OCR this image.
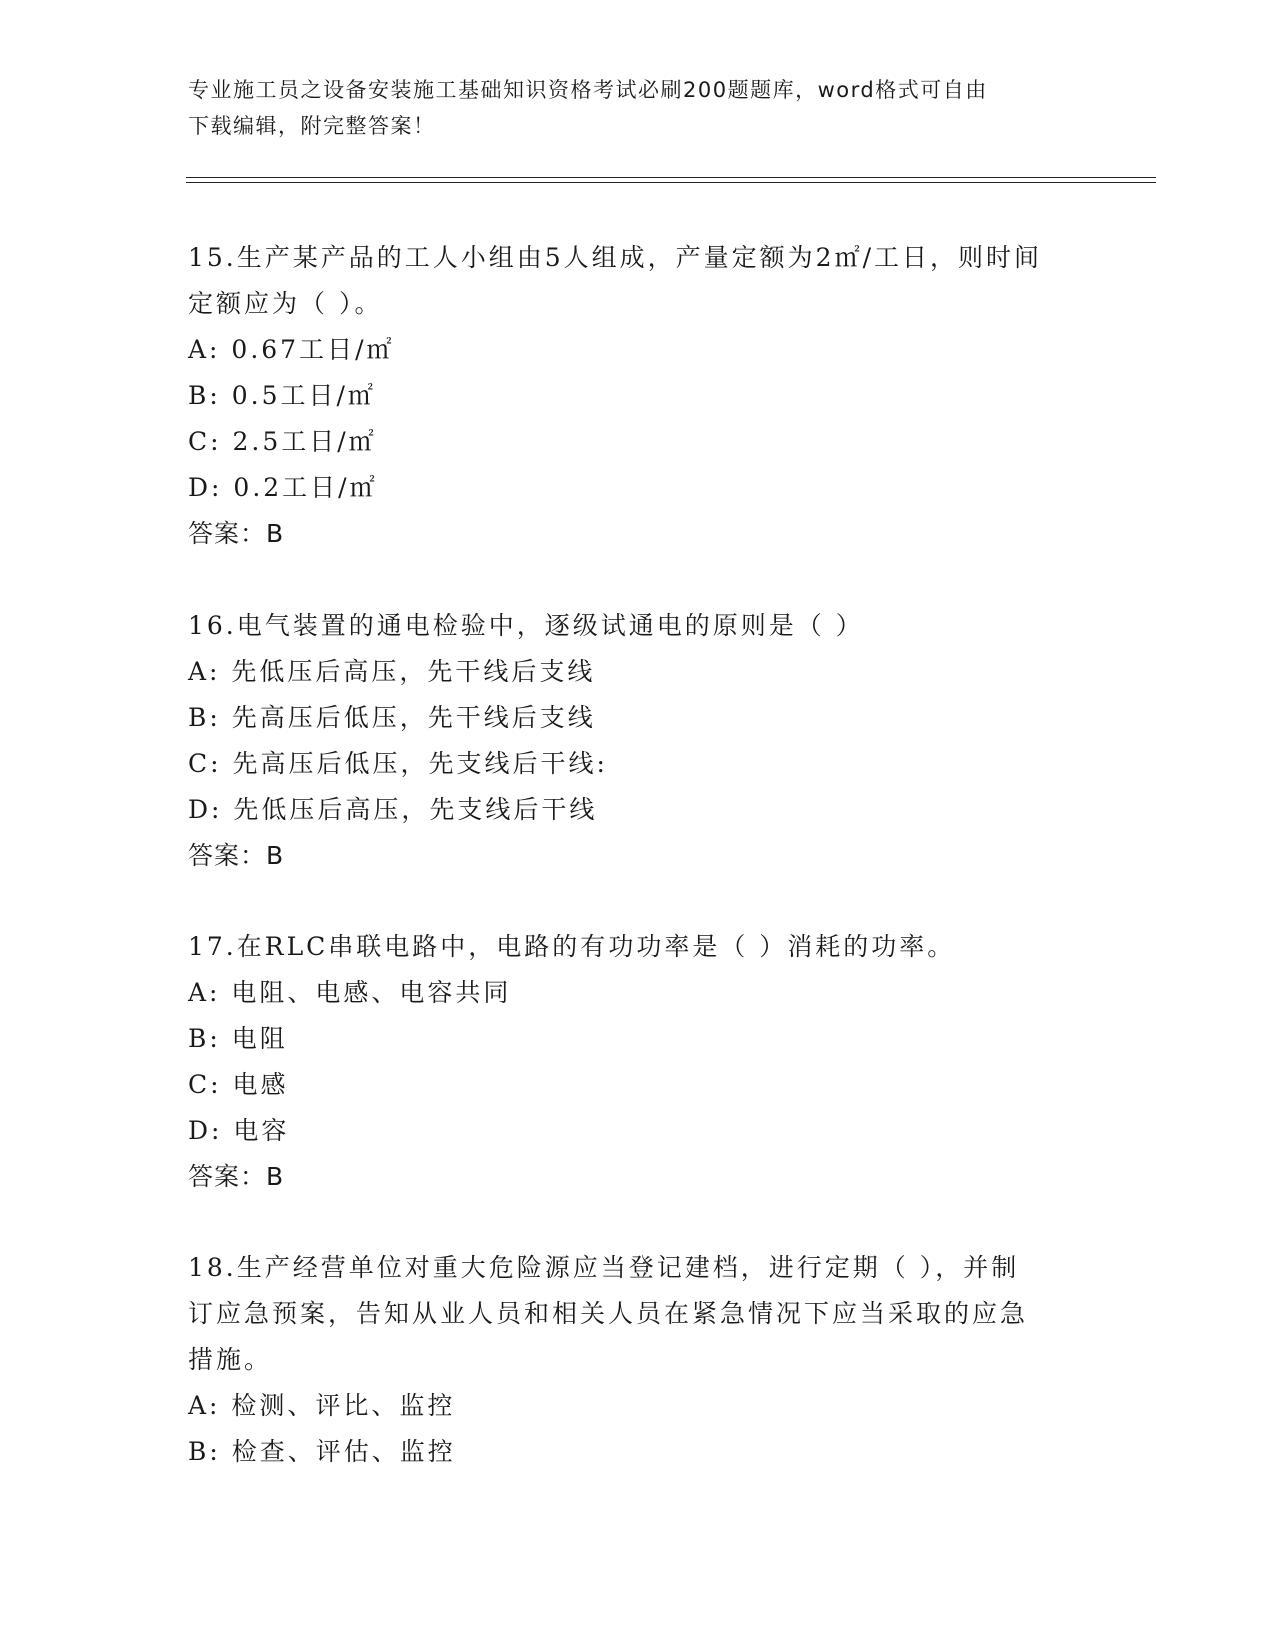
专业施工员之设备安装施工基础知识资格考试必刷200题题库，word格式可自由
下载编辑，附完整答案！
15.生产某产品的工人小组由5人组成，产量定额为2㎡/工日，则时间
定额应为（ ）。
A: 0.67工日/㎡
B: 0.5工日/㎡
C: 2.5工日/㎡
D: 0.2工日/㎡
答案：B
16.电气装置的通电检验中，逐级试通电的原则是（ ）
A: 先低压后高压，先干线后支线
B: 先高压后低压，先干线后支线
C: 先高压后低压，先支线后干线:
D: 先低压后高压，先支线后干线
答案：B
17.在RLC串联电路中，电路的有功功率是（ ）消耗的功率。
A: 电阻、电感、电容共同
B: 电阻
C: 电感
D: 电容
答案：B
18.生产经营单位对重大危险源应当登记建档，进行定期（ ），并制
订应急预案，告知从业人员和相关人员在紧急情况下应当采取的应急
措施。
A: 检测、评比、监控
B: 检查、评估、监控
